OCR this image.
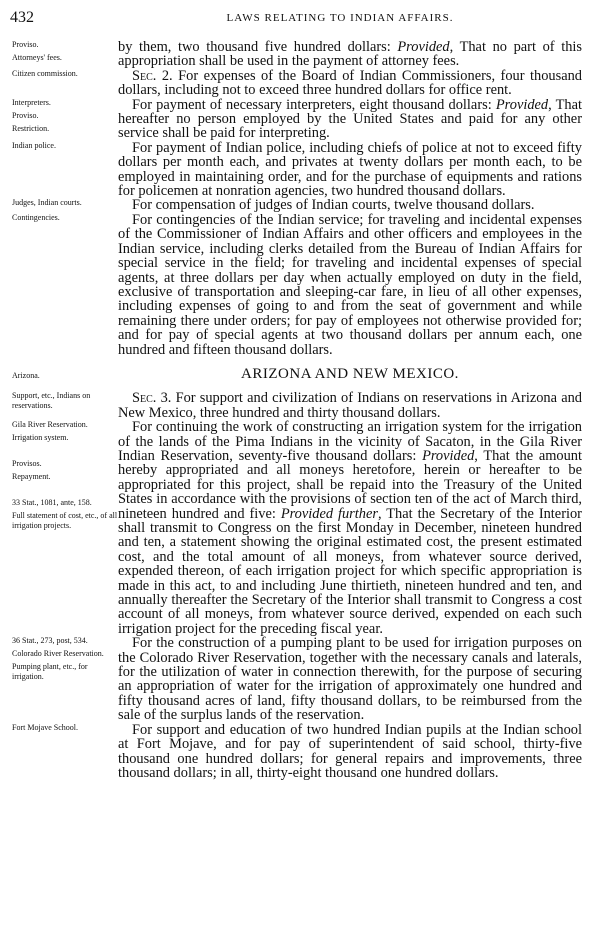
432	LAWS RELATING TO INDIAN AFFAIRS.
Proviso.
Attorneys' fees.

by them, two thousand five hundred dollars: Provided, That no part of this appropriation shall be used in the payment of attorney fees.

Citizen commission.	Sec. 2. For expenses of the Board of Indian Commissioners, four thousand dollars, including not to exceed three hundred dollars for office rent.

Interpreters.
Proviso.
Restriction.

For payment of necessary interpreters, eight thousand dollars: Provided, That hereafter no person employed by the United States and paid for any other service shall be paid for interpreting.

Indian police.	For payment of Indian police, including chiefs of police at not to exceed fifty dollars per month each, and privates at twenty dollars per month each, to be employed in maintaining order, and for the purchase of equipments and rations for policemen at nonration agencies, two hundred thousand dollars.

Judges, Indian courts.	For compensation of judges of Indian courts, twelve thousand dollars.

Contingencies.	For contingencies of the Indian service; for traveling and incidental expenses of the Commissioner of Indian Affairs and other officers and employees in the Indian service, including clerks detailed from the Bureau of Indian Affairs for special service in the field; for traveling and incidental expenses of special agents, at three dollars per day when actually employed on duty in the field, exclusive of transportation and sleeping-car fare, in lieu of all other expenses, including expenses of going to and from the seat of government and while remaining there under orders; for pay of employees not otherwise provided for; and for pay of special agents at two thousand dollars per annum each, one hundred and fifteen thousand dollars.

Arizona.	ARIZONA AND NEW MEXICO.
Support, etc., Indians on reservations.	Sec. 3. For support and civilization of Indians on reservations in Arizona and New Mexico, three hundred and thirty thousand dollars.

Gila River Reservation.
Irrigation system.

Provisos.
Repayment.

33 Stat., 1081, ante, 158.
Full statement of cost, etc., of all irrigation projects.

For continuing the work of constructing an irrigation system for the irrigation of the lands of the Pima Indians in the vicinity of Sacaton, in the Gila River Indian Reservation, seventy-five thousand dollars: Provided, That the amount hereby appropriated and all moneys heretofore, herein or hereafter to be appropriated for this project, shall be repaid into the Treasury of the United States in accordance with the provisions of section ten of the act of March third, nineteen hundred and five: Provided further, That the Secretary of the Interior shall transmit to Congress on the first Monday in December, nineteen hundred and ten, a statement showing the original estimated cost, the present estimated cost, and the total amount of all moneys, from whatever source derived, expended thereon, of each irrigation project for which specific appropriation is made in this act, to and including June thirtieth, nineteen hundred and ten, and annually thereafter the Secretary of the Interior shall transmit to Congress a cost account of all moneys, from whatever source derived, expended on each such irrigation project for the preceding fiscal year.

36 Stat., 273, post, 534.
Colorado River Reservation.
Pumping plant, etc., for irrigation.

For the construction of a pumping plant to be used for irrigation purposes on the Colorado River Reservation, together with the necessary canals and laterals, for the utilization of water in connection therewith, for the purpose of securing an appropriation of water for the irrigation of approximately one hundred and fifty thousand acres of land, fifty thousand dollars, to be reimbursed from the sale of the surplus lands of the reservation.

Fort Mojave School.	For support and education of two hundred Indian pupils at the Indian school at Fort Mojave, and for pay of superintendent of said school, thirty-five thousand one hundred dollars; for general repairs and improvements, three thousand dollars; in all, thirty-eight thousand one hundred dollars.
